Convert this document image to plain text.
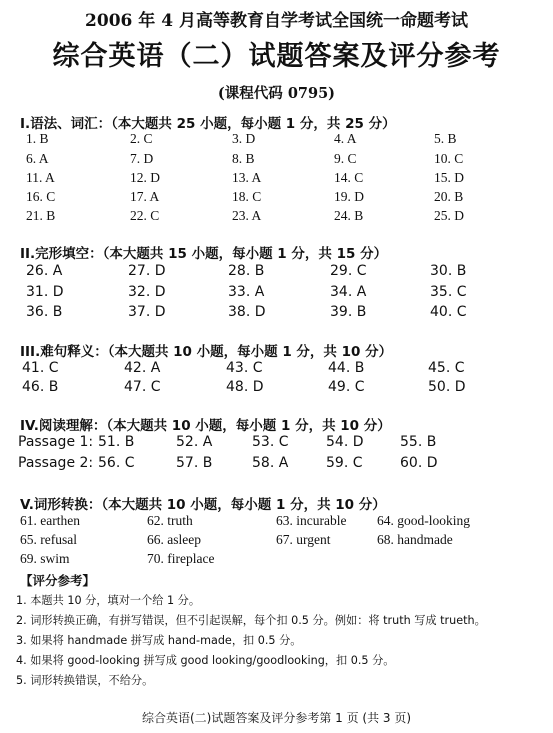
2006 年 4 月高等教育自学考试全国统一命题考试
综合英语（二）试题答案及评分参考
(课程代码 0795)
I.语法、词汇：（本大题共 25 小题，每小题 1 分，共 25 分）
1. B	2. C	3. D	4. A	5. B
6. A	7. D	8. B	9. C	10. C
11. A	12. D	13. A	14. C	15. D
16. C	17. A	18. C	19. D	20. B
21. B	22. C	23. A	24. B	25. D
II.完形填空：（本大题共 15 小题，每小题 1 分，共 15 分）
26. A	27. D	28. B	29. C	30. B
31. D	32. D	33. A	34. A	35. C
36. B	37. D	38. D	39. B	40. C
III.难句释义：（本大题共 10 小题，每小题 1 分，共 10 分）
41. C	42. A	43. C	44. B	45. C
46. B	47. C	48. D	49. C	50. D
IV.阅读理解：（本大题共 10 小题，每小题 1 分，共 10 分）
Passage 1: 51. B	52. A	53. C	54. D	55. B
Passage 2: 56. C	57. B	58. A	59. C	60. D
V.词形转换：（本大题共 10 小题，每小题 1 分，共 10 分）
61. earthen	62. truth	63. incurable 64. good-looking
65. refusal	66. asleep	67. urgent	68. handmade
69. swim	70. fireplace
【评分参考】
1. 本题共 10 分，填对一个给 1 分。
2. 词形转换正确，有拼写错误，但不引起误解，每个扣 0.5 分。例如：将 truth 写成 trueth。
3. 如果将 handmade 拼写成 hand-made，扣 0.5 分。
4. 如果将 good-looking 拼写成 good looking/goodlooking，扣 0.5 分。
5. 词形转换错误，不给分。
综合英语(二)试题答案及评分参考第 1 页 (共 3 页)
